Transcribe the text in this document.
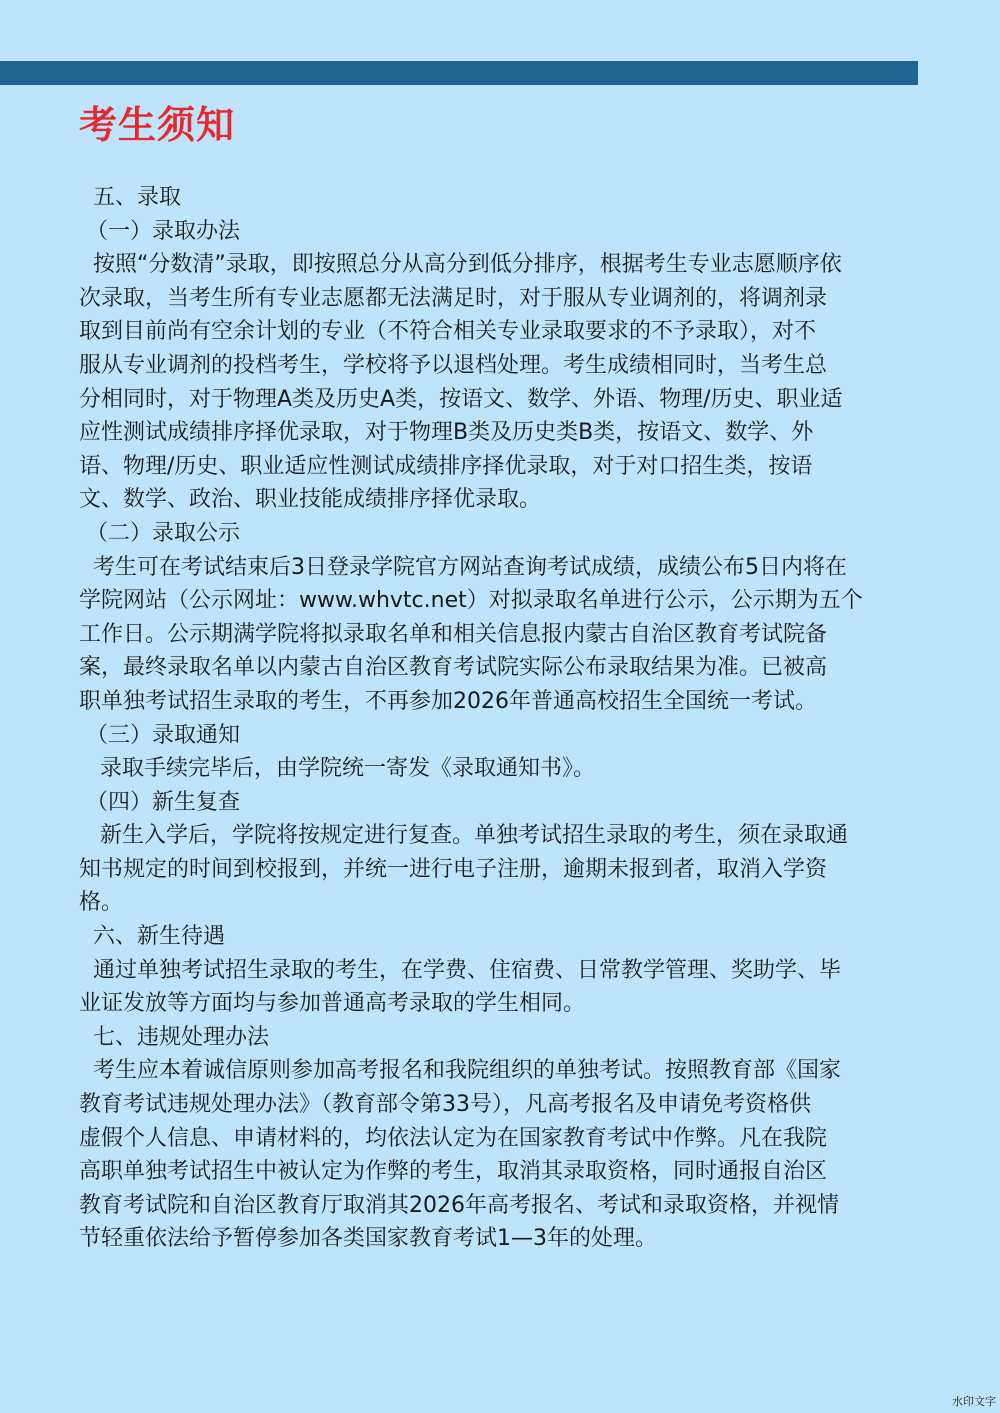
考生须知

五、录取

（一）录取办法

按照“分数清”录取，即按照总分从高分到低分排序，根据考生专业志愿顺序依

次录取，当考生所有专业志愿都无法满足时，对于服从专业调剂的，将调剂录

取到目前尚有空余计划的专业（不符合相关专业录取要求的不予录取），对不

服从专业调剂的投档考生，学校将予以退档处理。考生成绩相同时，当考生总

分相同时，对于物理A类及历史A类，按语文、数学、外语、物理/历史、职业适

应性测试成绩排序择优录取，对于物理B类及历史类B类，按语文、数学、外

语、物理/历史、职业适应性测试成绩排序择优录取，对于对口招生类，按语

文、数学、政治、职业技能成绩排序择优录取。

（二）录取公示

考生可在考试结束后3日登录学院官方网站查询考试成绩，成绩公布5日内将在

学院网站（公示网址：www.whvtc.net）对拟录取名单进行公示，公示期为五个

工作日。公示期满学院将拟录取名单和相关信息报内蒙古自治区教育考试院备

案，最终录取名单以内蒙古自治区教育考试院实际公布录取结果为准。已被高

职单独考试招生录取的考生，不再参加2026年普通高校招生全国统一考试。

（三）录取通知

录取手续完毕后，由学院统一寄发《录取通知书》。

（四）新生复查

新生入学后，学院将按规定进行复查。单独考试招生录取的考生，须在录取通

知书规定的时间到校报到，并统一进行电子注册，逾期未报到者，取消入学资

格。

六、新生待遇

通过单独考试招生录取的考生，在学费、住宿费、日常教学管理、奖助学、毕

业证发放等方面均与参加普通高考录取的学生相同。

七、违规处理办法

考生应本着诚信原则参加高考报名和我院组织的单独考试。按照教育部《国家

教育考试违规处理办法》（教育部令第33号），凡高考报名及申请免考资格供

虚假个人信息、申请材料的，均依法认定为在国家教育考试中作弊。凡在我院

高职单独考试招生中被认定为作弊的考生，取消其录取资格，同时通报自治区

教育考试院和自治区教育厅取消其2026年高考报名、考试和录取资格，并视情

节轻重依法给予暂停参加各类国家教育考试1—3年的处理。

水印文字
